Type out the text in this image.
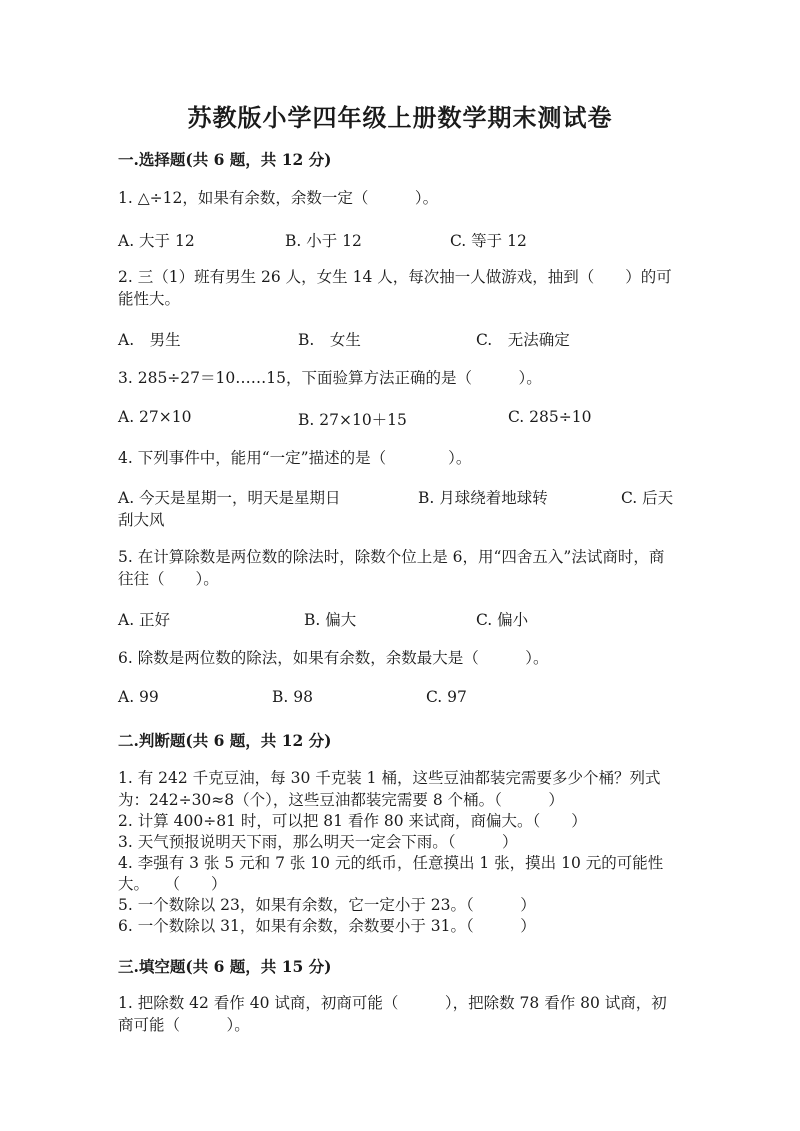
苏教版小学四年级上册数学期末测试卷
一.选择题(共 6 题，共 12 分)
1. △÷12，如果有余数，余数一定（　　　）。
A. 大于 12	B. 小于 12	C. 等于 12
2. 三（1）班有男生 26 人，女生 14 人，每次抽一人做游戏，抽到（　　）的可能性大。
A.　男生	B.　女生	C.　无法确定
3. 285÷27＝10……15，下面验算方法正确的是（　　　）。
A. 27×10	B. 27×10＋15	C. 285÷10
4. 下列事件中，能用“一定”描述的是（　　　　）。
A. 今天是星期一，明天是星期日	B. 月球绕着地球转	C. 后天
刮大风
5. 在计算除数是两位数的除法时，除数个位上是 6，用“四舍五入”法试商时，商往往（　　）。
A. 正好	B. 偏大	C. 偏小
6. 除数是两位数的除法，如果有余数，余数最大是（　　　）。
A. 99	B. 98	C. 97
二.判断题(共 6 题，共 12 分)
1. 有 242 千克豆油，每 30 千克装 1 桶，这些豆油都装完需要多少个桶？列式
为：242÷30≈8（个），这些豆油都装完需要 8 个桶。（　　　）
2. 计算 400÷81 时，可以把 81 看作 80 来试商，商偏大。（　　）
3. 天气预报说明天下雨，那么明天一定会下雨。（　　　）
4. 李强有 3 张 5 元和 7 张 10 元的纸币，任意摸出 1 张，摸出 10 元的可能性
大。　　（　　）
5. 一个数除以 23，如果有余数，它一定小于 23。（　　　）
6. 一个数除以 31，如果有余数，余数要小于 31。（　　　）
三.填空题(共 6 题，共 15 分)
1. 把除数 42 看作 40 试商，初商可能（　　　），把除数 78 看作 80 试商，初商可能（　　　）。
